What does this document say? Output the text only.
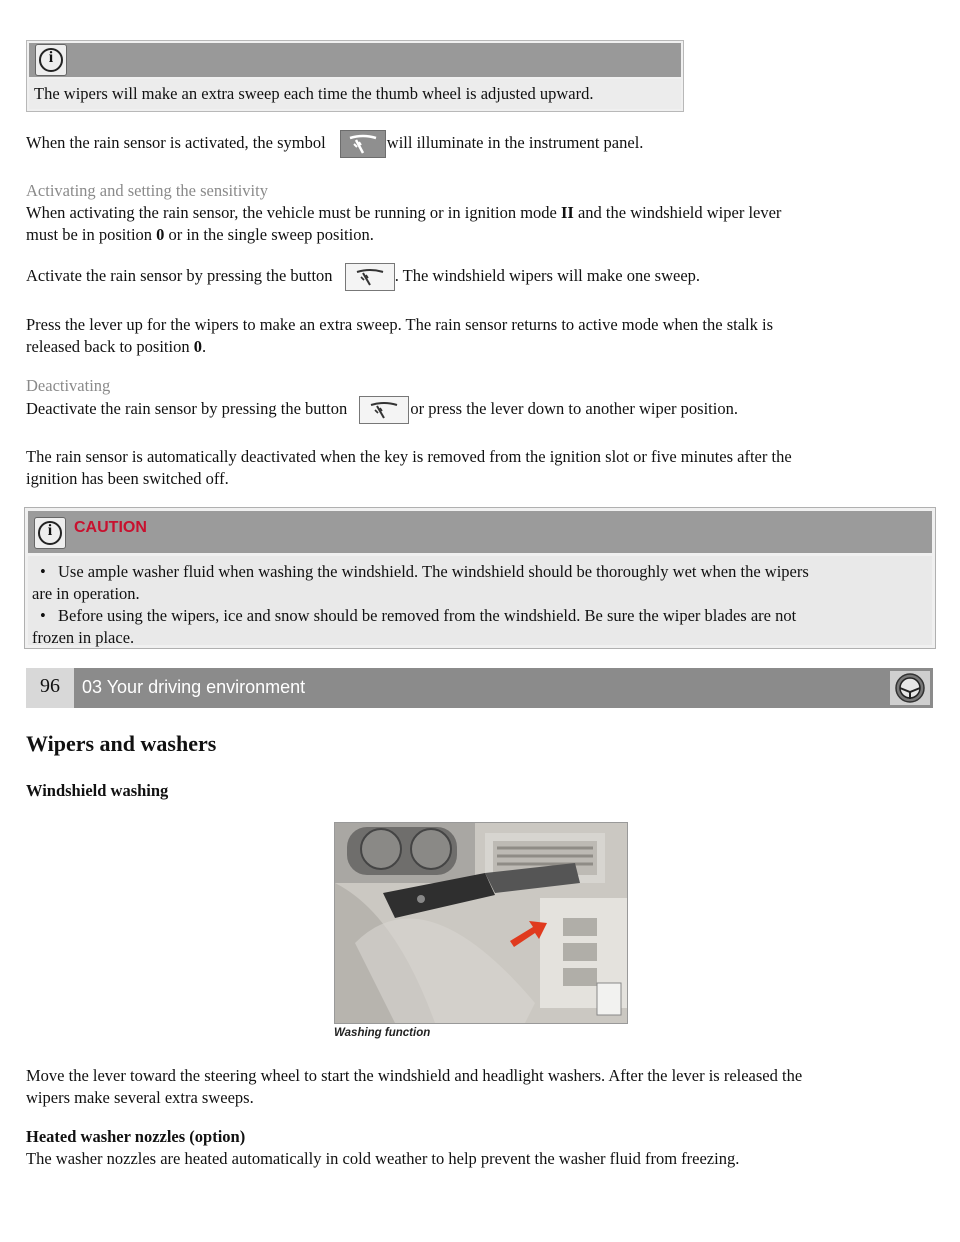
i

The wipers will make an extra sweep each time the thumb wheel is adjusted upward.

When the rain sensor is activated, the symbol	will illuminate in the instrument panel.

Activating and setting the sensitivity

When activating the rain sensor, the vehicle must be running or in ignition mode II and the windshield wiper lever
must be in position 0 or in the single sweep position.

Activate the rain sensor by pressing the button	. The windshield wipers will make one sweep.

Press the lever up for the wipers to make an extra sweep. The rain sensor returns to active mode when the stalk is
released back to position 0.

Deactivating

Deactivate the rain sensor by pressing the button	or press the lever down to another wiper position.

The rain sensor is automatically deactivated when the key is removed from the ignition slot or five minutes after the
ignition has been switched off.

i	CAUTION
• Use ample washer fluid when washing the windshield. The windshield should be thoroughly wet when the wipers
are in operation.
• Before using the wipers, ice and snow should be removed from the windshield. Be sure the wiper blades are not
frozen in place.
96	03 Your driving environment

Wipers and washers

Windshield washing

Washing function

Move the lever toward the steering wheel to start the windshield and headlight washers. After the lever is released the
wipers make several extra sweeps.

Heated washer nozzles (option)

The washer nozzles are heated automatically in cold weather to help prevent the washer fluid from freezing.
